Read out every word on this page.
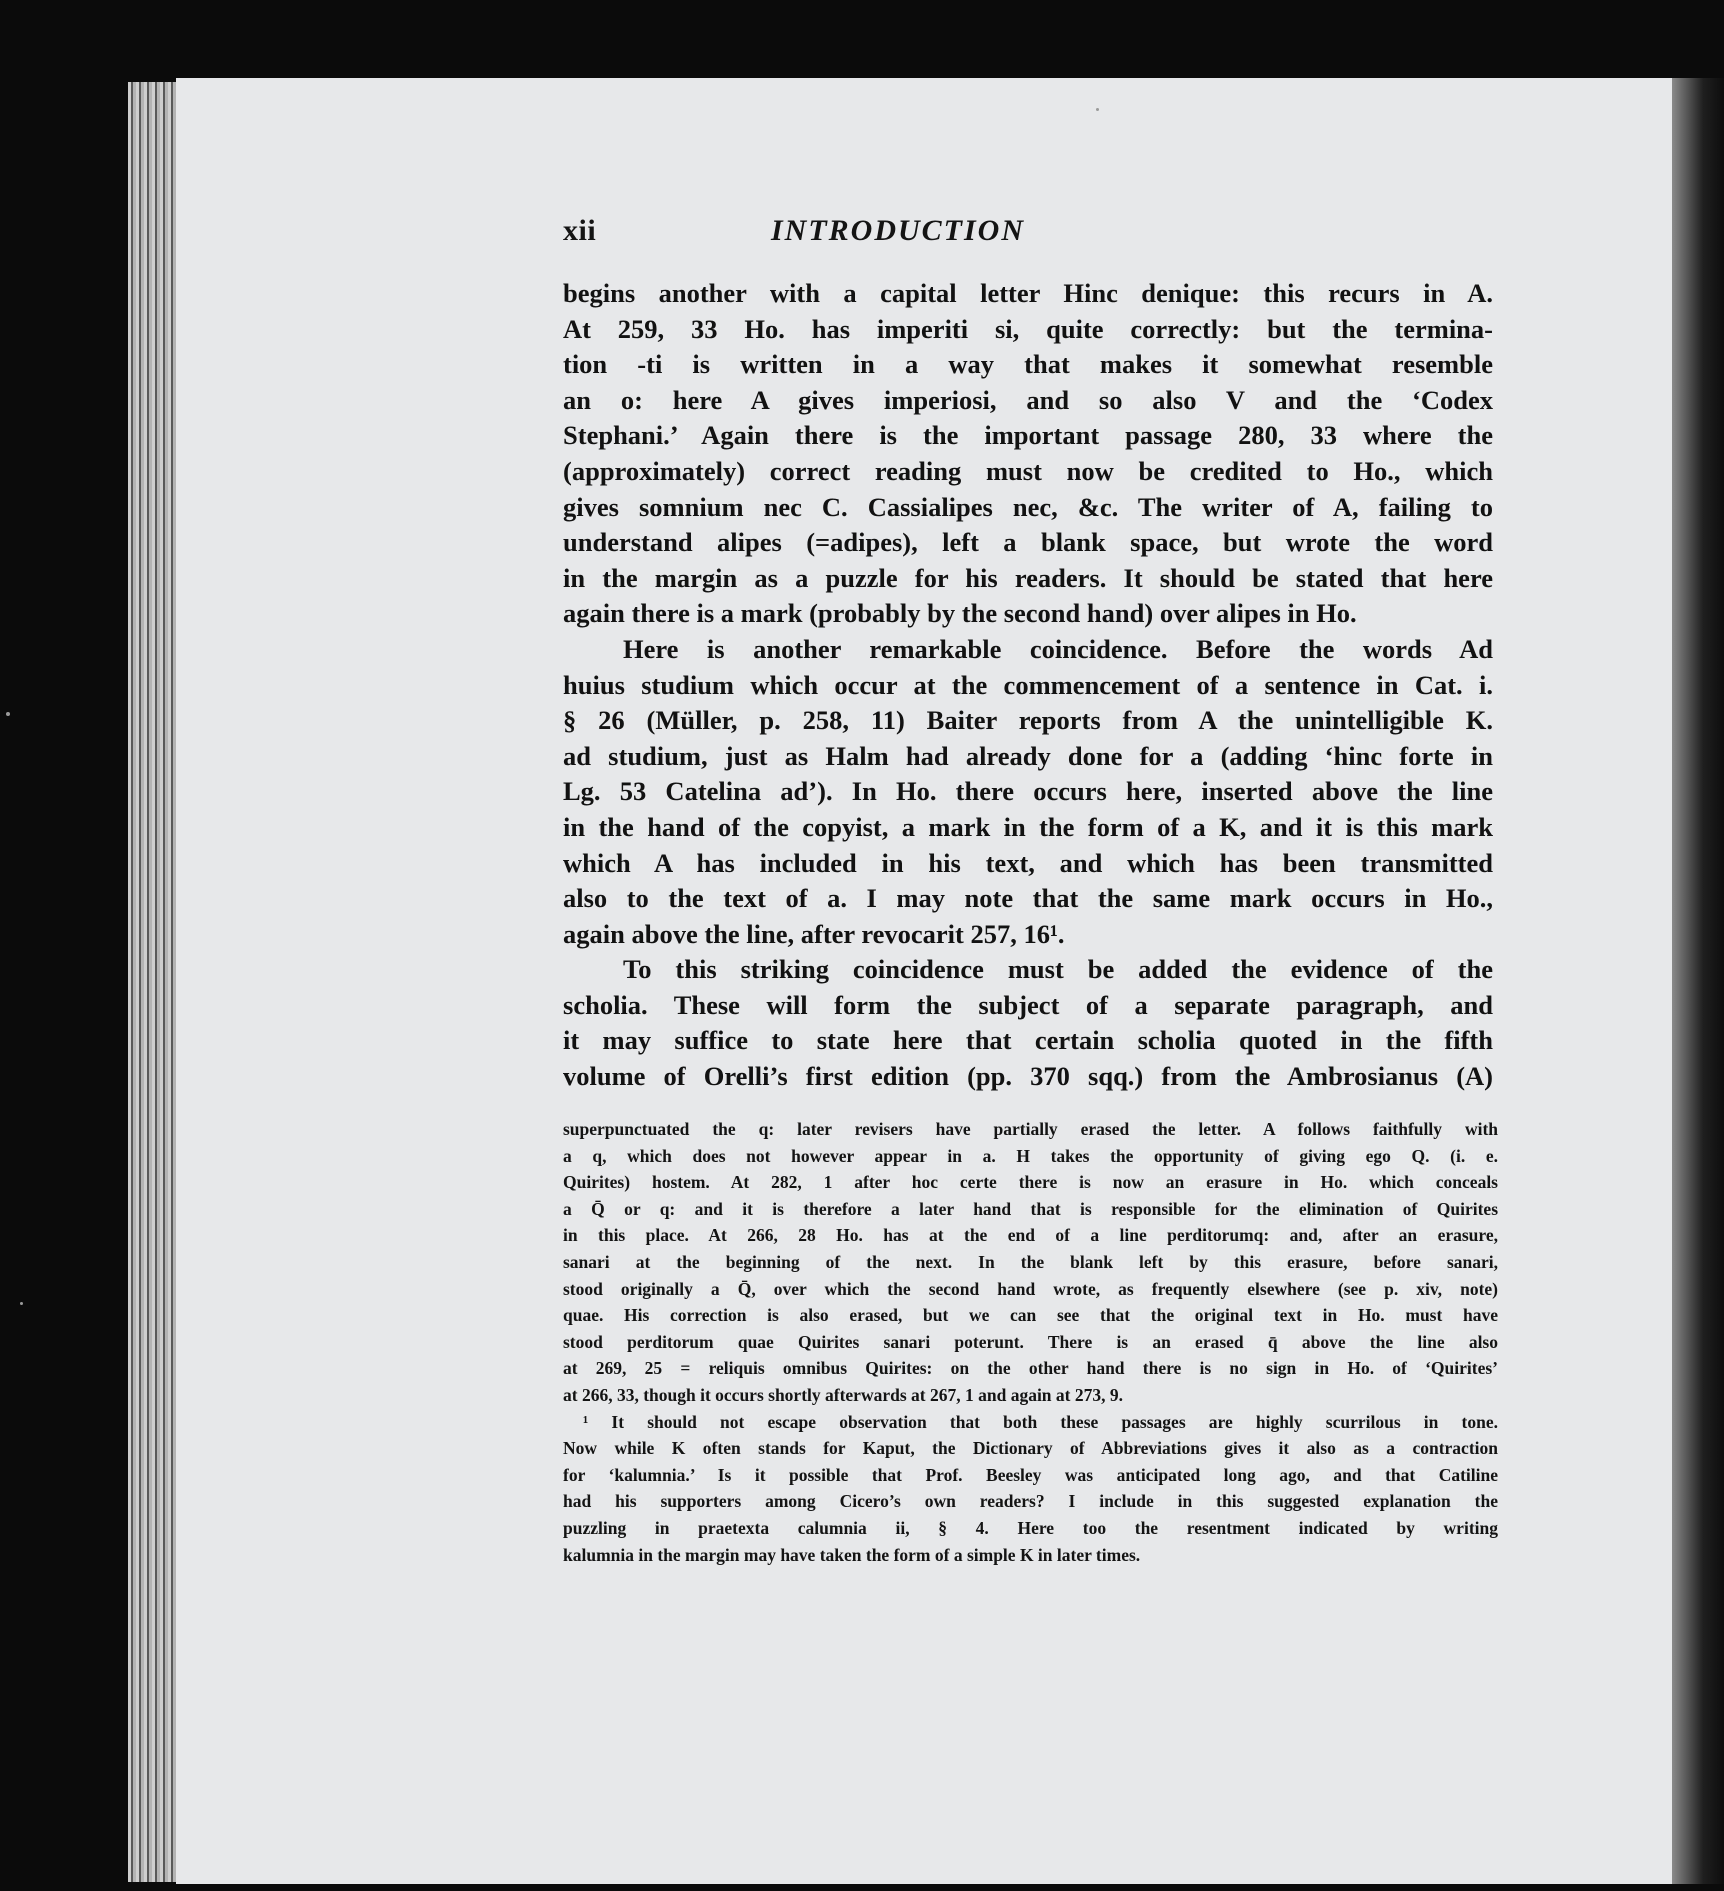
xii	INTRODUCTION
begins another with a capital letter Hinc denique: this recurs in A.
At 259, 33 Ho. has imperiti si, quite correctly: but the termina-
tion -ti is written in a way that makes it somewhat resemble
an o: here A gives imperiosi, and so also V and the ‘Codex
Stephani.’ Again there is the important passage 280, 33 where the
(approximately) correct reading must now be credited to Ho., which
gives somnium nec C. Cassialipes nec, &c. The writer of A, failing to
understand alipes (=adipes), left a blank space, but wrote the word
in the margin as a puzzle for his readers. It should be stated that here
again there is a mark (probably by the second hand) over alipes in Ho.
Here is another remarkable coincidence. Before the words Ad
huius studium which occur at the commencement of a sentence in Cat. i.
§ 26 (Müller, p. 258, 11) Baiter reports from A the unintelligible K.
ad studium, just as Halm had already done for a (adding ‘hinc forte in
Lg. 53 Catelina ad’). In Ho. there occurs here, inserted above the line
in the hand of the copyist, a mark in the form of a K, and it is this mark
which A has included in his text, and which has been transmitted
also to the text of a. I may note that the same mark occurs in Ho.,
again above the line, after revocarit 257, 16¹.
To this striking coincidence must be added the evidence of the
scholia. These will form the subject of a separate paragraph, and
it may suffice to state here that certain scholia quoted in the fifth
volume of Orelli’s first edition (pp. 370 sqq.) from the Ambrosianus (A)
superpunctuated the q: later revisers have partially erased the letter. A follows faithfully with
a q, which does not however appear in a. H takes the opportunity of giving ego Q. (i. e.
Quirites) hostem. At 282, 1 after hoc certe there is now an erasure in Ho. which conceals
a Q̄ or q: and it is therefore a later hand that is responsible for the elimination of Quirites
in this place. At 266, 28 Ho. has at the end of a line perditorumq: and, after an erasure,
sanari at the beginning of the next. In the blank left by this erasure, before sanari,
stood originally a Q̄, over which the second hand wrote, as frequently elsewhere (see p. xiv, note)
quae. His correction is also erased, but we can see that the original text in Ho. must have
stood perditorum quae Quirites sanari poterunt. There is an erased q̄ above the line also
at 269, 25 = reliquis omnibus Quirites: on the other hand there is no sign in Ho. of ‘Quirites’
at 266, 33, though it occurs shortly afterwards at 267, 1 and again at 273, 9.
¹ It should not escape observation that both these passages are highly scurrilous in tone.
Now while K often stands for Kaput, the Dictionary of Abbreviations gives it also as a contraction
for ‘kalumnia.’ Is it possible that Prof. Beesley was anticipated long ago, and that Catiline
had his supporters among Cicero’s own readers? I include in this suggested explanation the
puzzling in praetexta calumnia ii, § 4. Here too the resentment indicated by writing
kalumnia in the margin may have taken the form of a simple K in later times.
